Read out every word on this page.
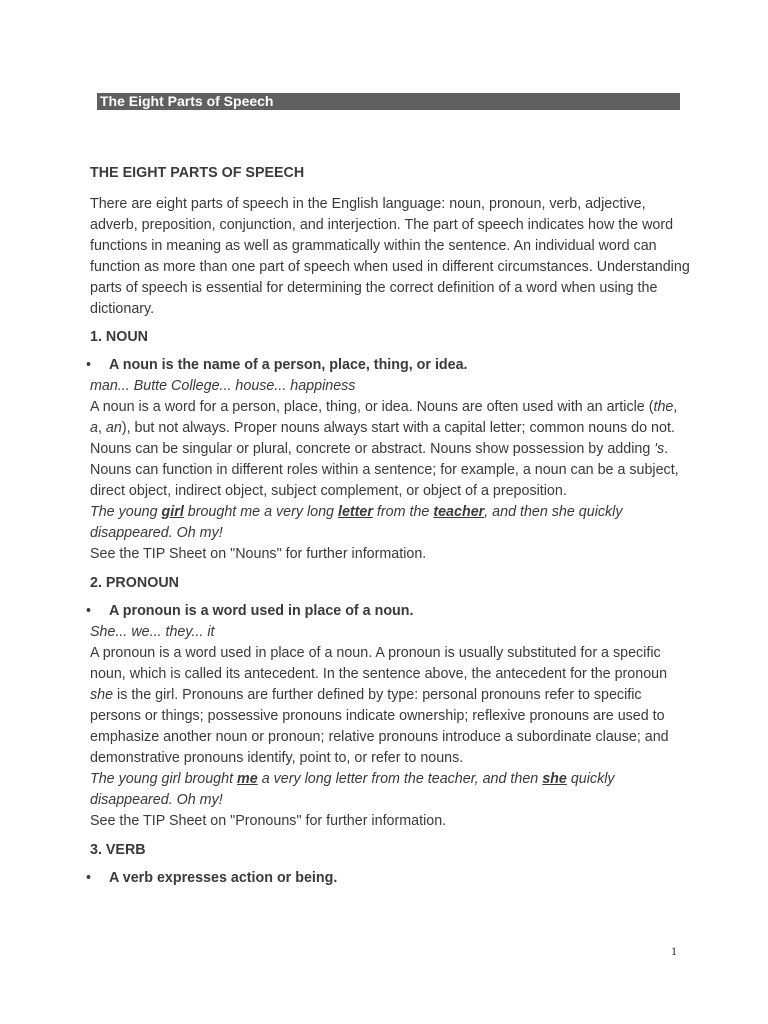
The Eight Parts of Speech
THE EIGHT PARTS OF SPEECH

There are eight parts of speech in the English language: noun, pronoun, verb, adjective, adverb, preposition, conjunction, and interjection. The part of speech indicates how the word functions in meaning as well as grammatically within the sentence. An individual word can function as more than one part of speech when used in different circumstances. Understanding parts of speech is essential for determining the correct definition of a word when using the dictionary.

1. NOUN
• A noun is the name of a person, place, thing, or idea.

man... Butte College... house... happiness

A noun is a word for a person, place, thing, or idea. Nouns are often used with an article (the, a, an), but not always. Proper nouns always start with a capital letter; common nouns do not. Nouns can be singular or plural, concrete or abstract. Nouns show possession by adding 's. Nouns can function in different roles within a sentence; for example, a noun can be a subject, direct object, indirect object, subject complement, or object of a preposition.

The young girl brought me a very long letter from the teacher, and then she quickly disappeared. Oh my!

See the TIP Sheet on "Nouns" for further information.

2. PRONOUN
• A pronoun is a word used in place of a noun.

She... we... they... it

A pronoun is a word used in place of a noun. A pronoun is usually substituted for a specific noun, which is called its antecedent. In the sentence above, the antecedent for the pronoun she is the girl. Pronouns are further defined by type: personal pronouns refer to specific persons or things; possessive pronouns indicate ownership; reflexive pronouns are used to emphasize another noun or pronoun; relative pronouns introduce a subordinate clause; and demonstrative pronouns identify, point to, or refer to nouns.

The young girl brought me a very long letter from the teacher, and then she quickly disappeared. Oh my!

See the TIP Sheet on "Pronouns" for further information.

3. VERB
• A verb expresses action or being.
1
